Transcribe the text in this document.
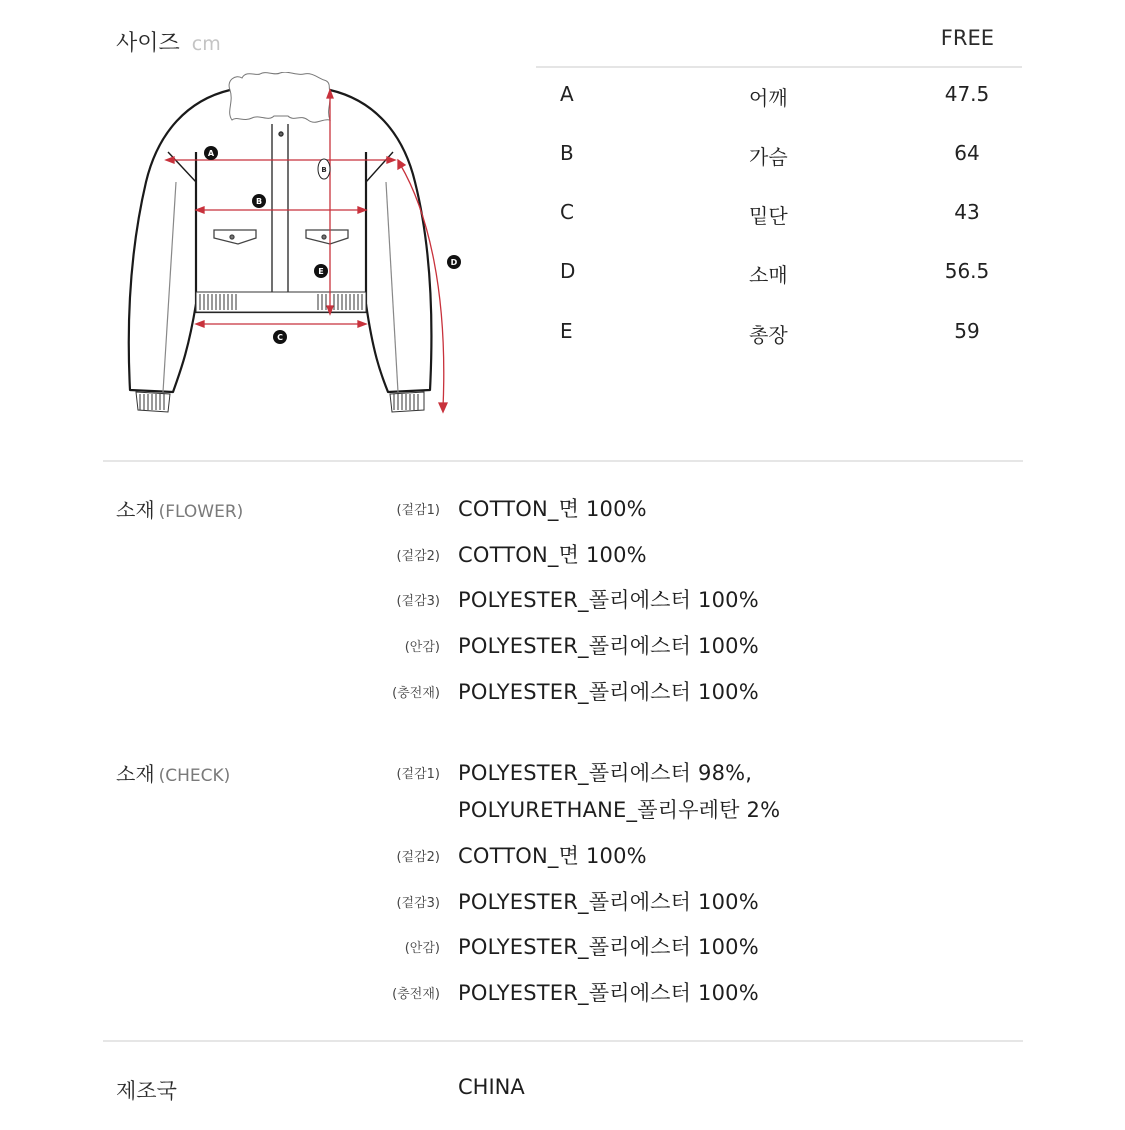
사이즈 cm
A
B
C
D
E
B
FREE
A	어깨	47.5
B	가슴	64
C	밑단	43
D	소매	56.5
E	총장	59
소재 (FLOWER)	(겉감1) COTTON_면 100%
(겉감2) COTTON_면 100%
(겉감3) POLYESTER_폴리에스터 100%
(안감) POLYESTER_폴리에스터 100%
(충전재) POLYESTER_폴리에스터 100%
소재 (CHECK)	(겉감1) POLYESTER_폴리에스터 98%,
POLYURETHANE_폴리우레탄 2%
(겉감2) COTTON_면 100%
(겉감3) POLYESTER_폴리에스터 100%
(안감) POLYESTER_폴리에스터 100%
(충전재) POLYESTER_폴리에스터 100%
제조국	CHINA
